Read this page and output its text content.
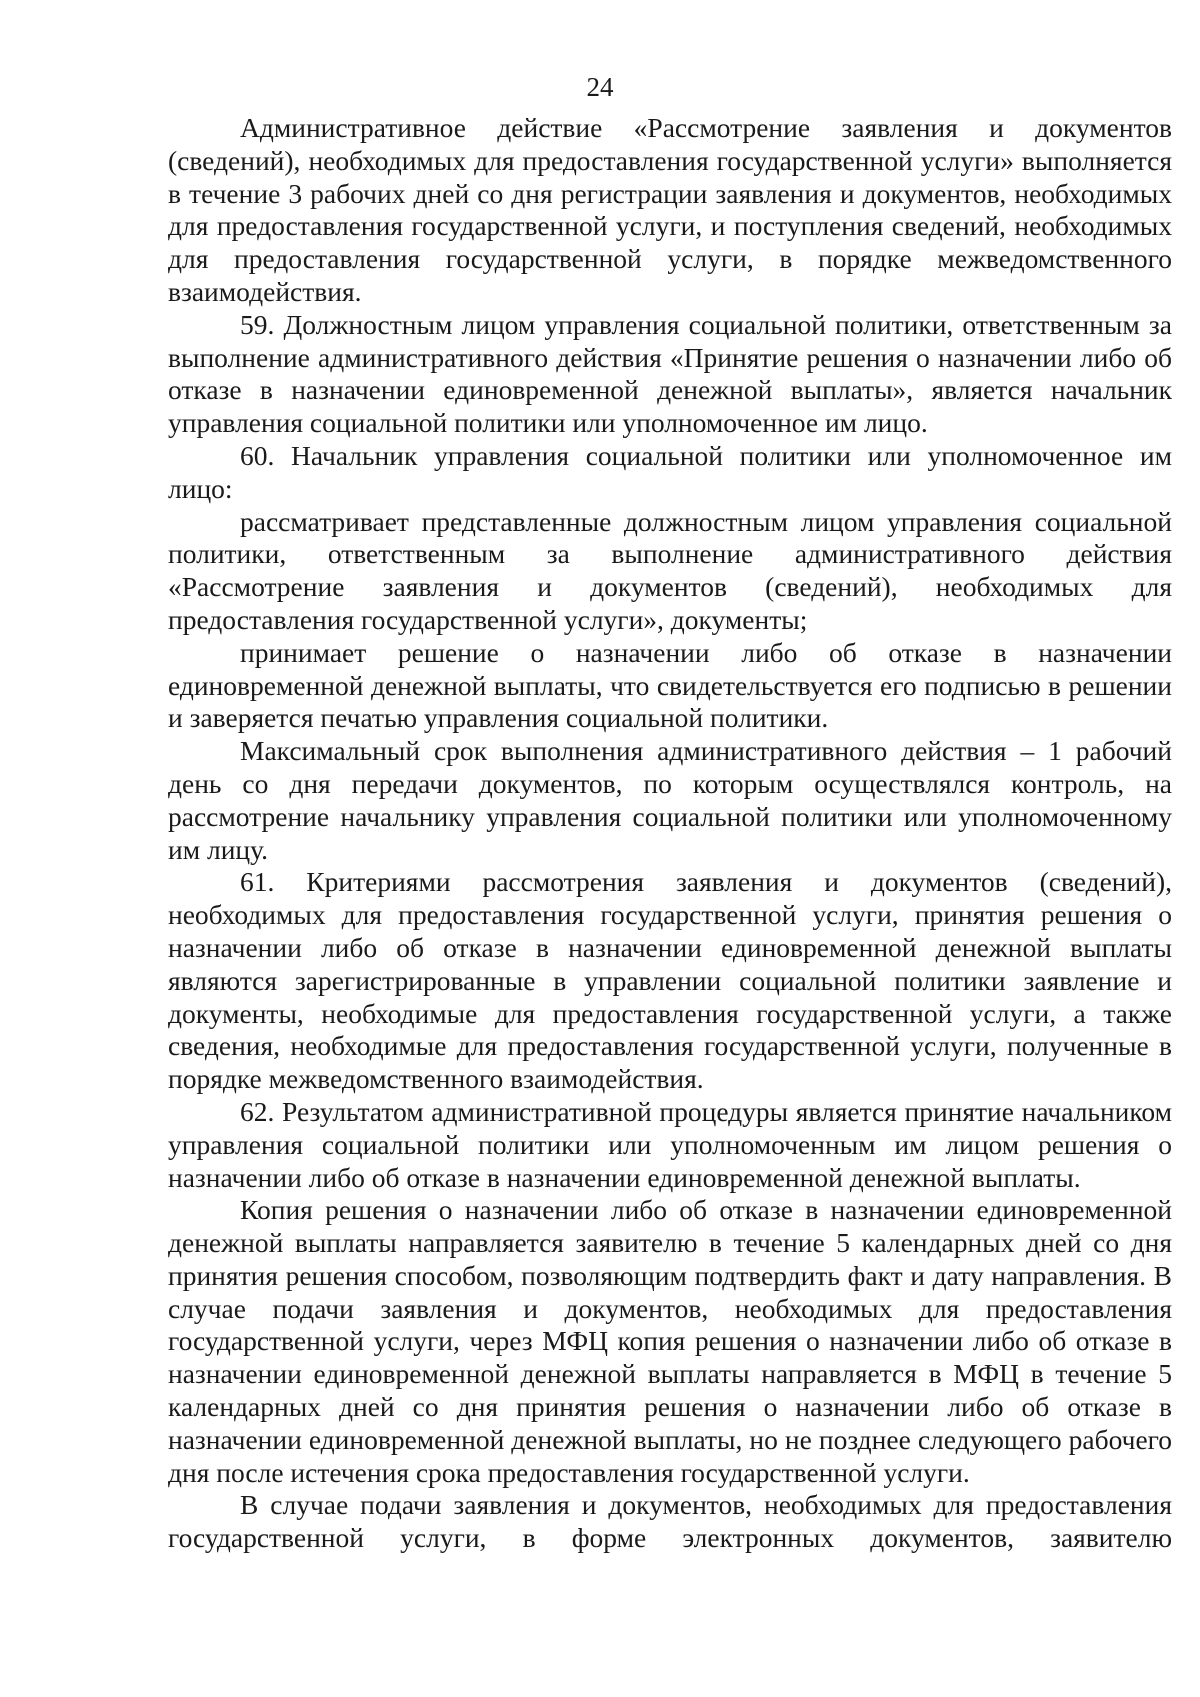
24

Административное действие «Рассмотрение заявления и документов (сведений), необходимых для предоставления государственной услуги» выполняется в течение 3 рабочих дней со дня регистрации заявления и документов, необходимых для предоставления государственной услуги, и поступления сведений, необходимых для предоставления государственной услуги, в порядке межведомственного взаимодействия.

59. Должностным лицом управления социальной политики, ответственным за выполнение административного действия «Принятие решения о назначении либо об отказе в назначении единовременной денежной выплаты», является начальник управления социальной политики или уполномоченное им лицо.

60. Начальник управления социальной политики или уполномоченное им лицо:

рассматривает представленные должностным лицом управления социальной политики, ответственным за выполнение административного действия «Рассмотрение заявления и документов (сведений), необходимых для предоставления государственной услуги», документы;

принимает решение о назначении либо об отказе в назначении единовременной денежной выплаты, что свидетельствуется его подписью в решении и заверяется печатью управления социальной политики.

Максимальный срок выполнения административного действия – 1 рабочий день со дня передачи документов, по которым осуществлялся контроль, на рассмотрение начальнику управления социальной политики или уполномоченному им лицу.

61. Критериями рассмотрения заявления и документов (сведений), необходимых для предоставления государственной услуги, принятия решения о назначении либо об отказе в назначении единовременной денежной выплаты являются зарегистрированные в управлении социальной политики заявление и документы, необходимые для предоставления государственной услуги, а также сведения, необходимые для предоставления государственной услуги, полученные в порядке межведомственного взаимодействия.

62. Результатом административной процедуры является принятие начальником управления социальной политики или уполномоченным им лицом решения о назначении либо об отказе в назначении единовременной денежной выплаты.

Копия решения о назначении либо об отказе в назначении единовременной денежной выплаты направляется заявителю в течение 5 календарных дней со дня принятия решения способом, позволяющим подтвердить факт и дату направления. В случае подачи заявления и документов, необходимых для предоставления государственной услуги, через МФЦ копия решения о назначении либо об отказе в назначении единовременной денежной выплаты направляется в МФЦ в течение 5 календарных дней со дня принятия решения о назначении либо об отказе в назначении единовременной денежной выплаты, но не позднее следующего рабочего дня после истечения срока предоставления государственной услуги.

В случае подачи заявления и документов, необходимых для предоставления государственной услуги, в форме электронных документов, заявителю
